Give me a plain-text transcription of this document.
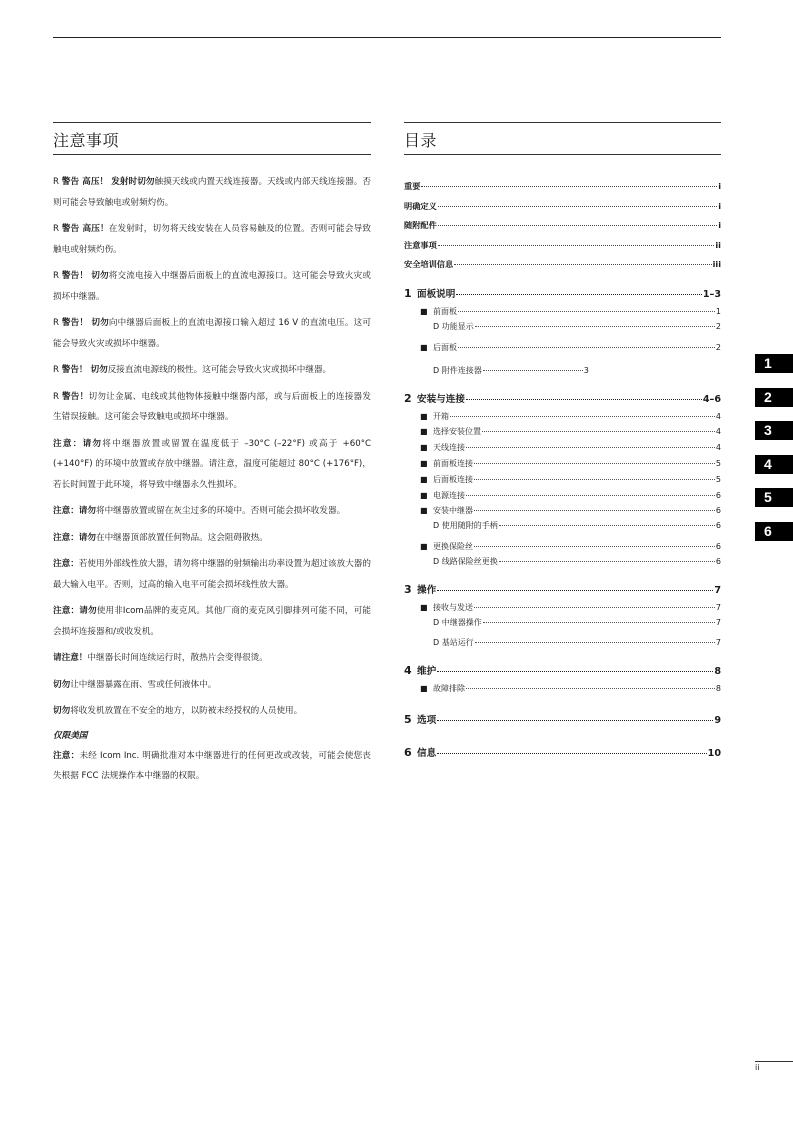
注意事项
R 警告 高压！ 发射时切勿触摸天线或内置天线连接器。天线或内部天线连接器。否则可能会导致触电或射频灼伤。
R 警告 高压！在发射时，切勿将天线安装在人员容易触及的位置。否则可能会导致触电或射频灼伤。
R 警告！ 切勿将交流电接入中继器后面板上的直流电源接口。这可能会导致火灾或损坏中继器。
R 警告！ 切勿向中继器后面板上的直流电源接口输入超过 16 V 的直流电压。这可能会导致火灾或损坏中继器。
R 警告！ 切勿反接直流电源线的极性。这可能会导致火灾或损坏中继器。
R 警告！切勿让金属、电线或其他物体接触中继器内部，或与后面板上的连接器发生错误接触。这可能会导致触电或损坏中继器。
注意：请勿将中继器放置或留置在温度低于 –30°C (–22°F) 或高于 +60°C (+140°F) 的环境中放置或存放中继器。请注意，温度可能超过 80°C (+176°F)，若长时间置于此环境，将导致中继器永久性损坏。
注意：请勿将中继器放置或留在灰尘过多的环境中。否则可能会损坏收发器。
注意：请勿在中继器顶部放置任何物品。这会阻碍散热。
注意：若使用外部线性放大器，请勿将中继器的射频输出功率设置为超过该放大器的最大输入电平。否则，过高的输入电平可能会损坏线性放大器。
注意：请勿使用非Icom品牌的麦克风。其他厂商的麦克风引脚排列可能不同，可能会损坏连接器和/或收发机。
请注意！中继器长时间连续运行时，散热片会变得很烫。
切勿让中继器暴露在雨、雪或任何液体中。
切勿将收发机放置在不安全的地方，以防被未经授权的人员使用。
仅限美国
注意：未经 Icom Inc. 明确批准对本中继器进行的任何更改或改装，可能会使您丧失根据 FCC 法规操作本中继器的权限。
目录
重要	i
明确定义	i
随附配件	i
注意事项	ii
安全培训信息	iii
1 面板说明	1–3
■ 前面板	1
D 功能显示	2
■ 后面板	2
D 附件连接器	3
2 安装与连接	4–6
■ 开箱	4
■ 选择安装位置	4
■ 天线连接	4
■ 前面板连接	5
■ 后面板连接	5
■ 电源连接	6
■ 安装中继器	6
D 使用随附的手柄	6
■ 更换保险丝	6
D 线路保险丝更换	6
3 操作	7
■ 接收与发送	7
D 中继器操作	7
D 基站运行	7
4 维护	8
■ 故障排除	8
5 选项	9
6 信息	10
1
2
3
4
5
6
ii
